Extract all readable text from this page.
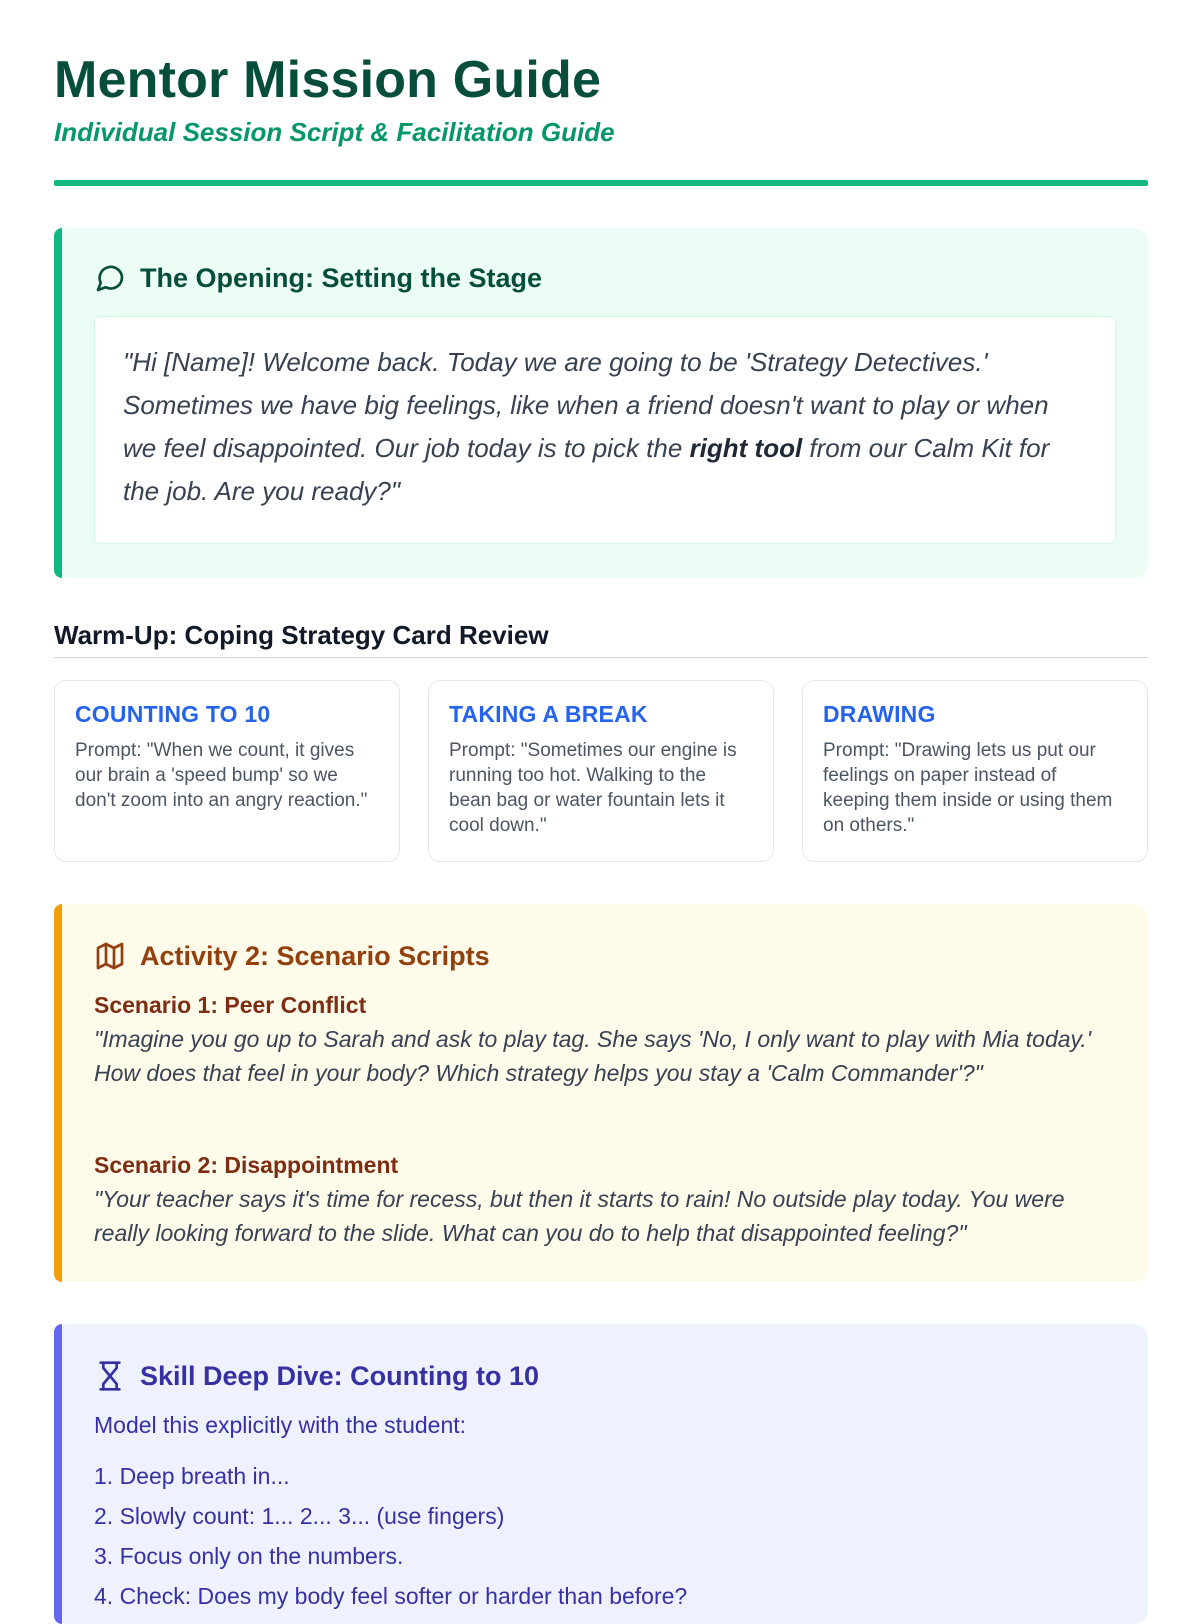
Mentor Mission Guide
Individual Session Script & Facilitation Guide
The Opening: Setting the Stage
"Hi [Name]! Welcome back. Today we are going to be 'Strategy Detectives.' Sometimes we have big feelings, like when a friend doesn't want to play or when we feel disappointed. Our job today is to pick the right tool from our Calm Kit for the job. Are you ready?"
Warm-Up: Coping Strategy Card Review
COUNTING TO 10
Prompt: "When we count, it gives our brain a 'speed bump' so we don't zoom into an angry reaction."
TAKING A BREAK
Prompt: "Sometimes our engine is running too hot. Walking to the bean bag or water fountain lets it cool down."
DRAWING
Prompt: "Drawing lets us put our feelings on paper instead of keeping them inside or using them on others."
Activity 2: Scenario Scripts
Scenario 1: Peer Conflict
"Imagine you go up to Sarah and ask to play tag. She says 'No, I only want to play with Mia today.' How does that feel in your body? Which strategy helps you stay a 'Calm Commander'?"
Scenario 2: Disappointment
"Your teacher says it's time for recess, but then it starts to rain! No outside play today. You were really looking forward to the slide. What can you do to help that disappointed feeling?"
Skill Deep Dive: Counting to 10
Model this explicitly with the student:
1. Deep breath in...
2. Slowly count: 1... 2... 3... (use fingers)
3. Focus only on the numbers.
4. Check: Does my body feel softer or harder than before?
